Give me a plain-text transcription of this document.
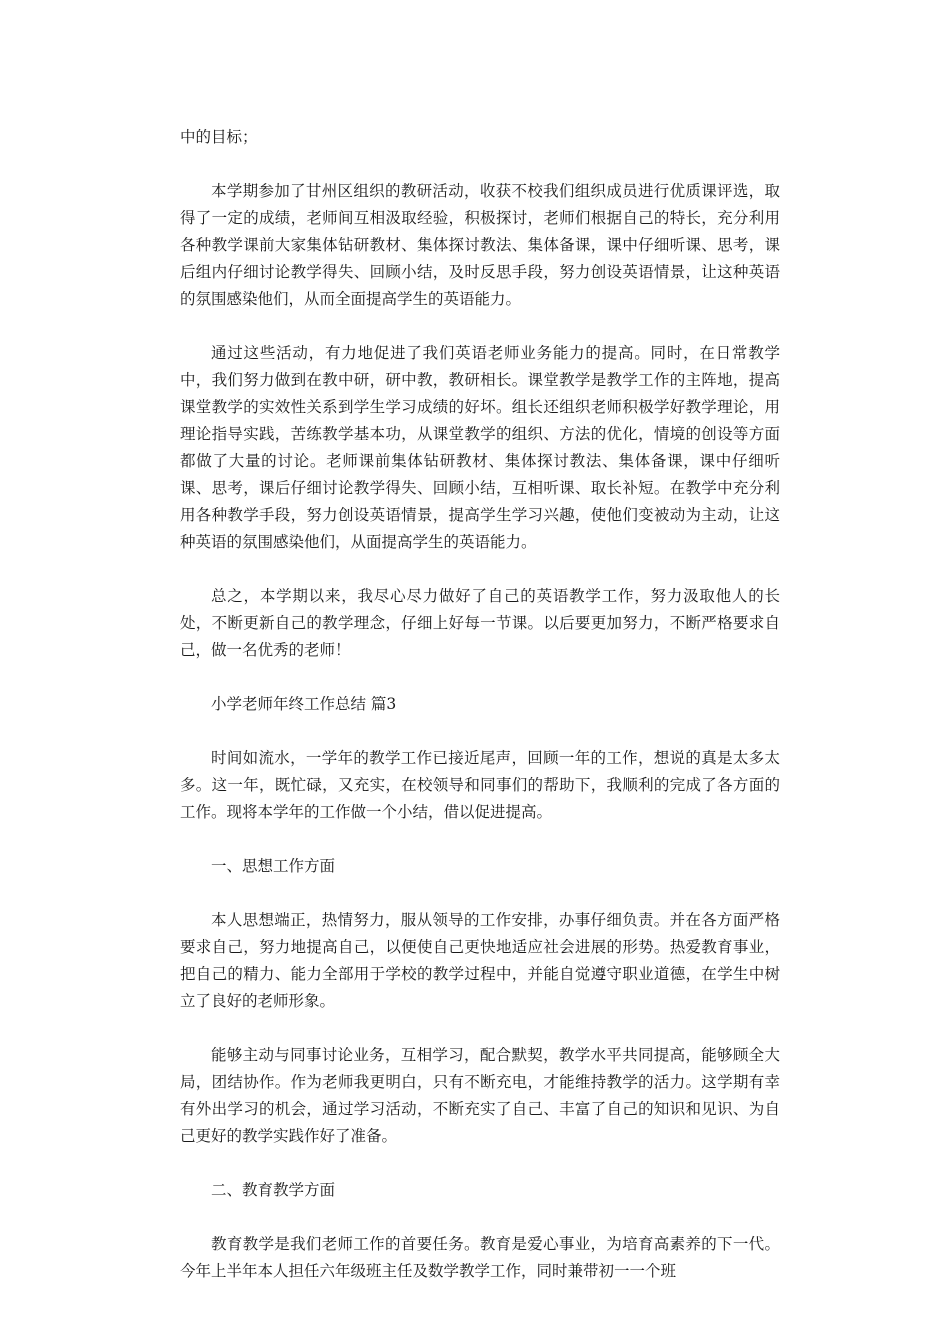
中的目标；

本学期参加了甘州区组织的教研活动，收获不校我们组织成员进行优质课评选，取得了一定的成绩，老师间互相汲取经验，积极探讨，老师们根据自己的特长，充分利用各种教学课前大家集体钻研教材、集体探讨教法、集体备课，课中仔细听课、思考，课后组内仔细讨论教学得失、回顾小结，及时反思手段，努力创设英语情景，让这种英语的氛围感染他们，从而全面提高学生的英语能力。

通过这些活动，有力地促进了我们英语老师业务能力的提高。同时，在日常教学中，我们努力做到在教中研，研中教，教研相长。课堂教学是教学工作的主阵地，提高课堂教学的实效性关系到学生学习成绩的好坏。组长还组织老师积极学好教学理论，用理论指导实践，苦练教学基本功，从课堂教学的组织、方法的优化，情境的创设等方面都做了大量的讨论。老师课前集体钻研教材、集体探讨教法、集体备课，课中仔细听课、思考，课后仔细讨论教学得失、回顾小结，互相听课、取长补短。在教学中充分利用各种教学手段，努力创设英语情景，提高学生学习兴趣，使他们变被动为主动，让这种英语的氛围感染他们，从面提高学生的英语能力。

总之，本学期以来，我尽心尽力做好了自己的英语教学工作，努力汲取他人的长处，不断更新自己的教学理念，仔细上好每一节课。以后要更加努力，不断严格要求自己，做一名优秀的老师！

小学老师年终工作总结 篇3

时间如流水，一学年的教学工作已接近尾声，回顾一年的工作，想说的真是太多太多。这一年，既忙碌，又充实，在校领导和同事们的帮助下，我顺利的完成了各方面的工作。现将本学年的工作做一个小结，借以促进提高。

一、思想工作方面

本人思想端正，热情努力，服从领导的工作安排，办事仔细负责。并在各方面严格要求自己，努力地提高自己，以便使自己更快地适应社会进展的形势。热爱教育事业，把自己的精力、能力全部用于学校的教学过程中，并能自觉遵守职业道德，在学生中树立了良好的老师形象。

能够主动与同事讨论业务，互相学习，配合默契，教学水平共同提高，能够顾全大局，团结协作。作为老师我更明白，只有不断充电，才能维持教学的活力。这学期有幸有外出学习的机会，通过学习活动，不断充实了自己、丰富了自己的知识和见识、为自己更好的教学实践作好了准备。

二、教育教学方面

教育教学是我们老师工作的首要任务。教育是爱心事业，为培育高素养的下一代。今年上半年本人担任六年级班主任及数学教学工作，同时兼带初一一个班
